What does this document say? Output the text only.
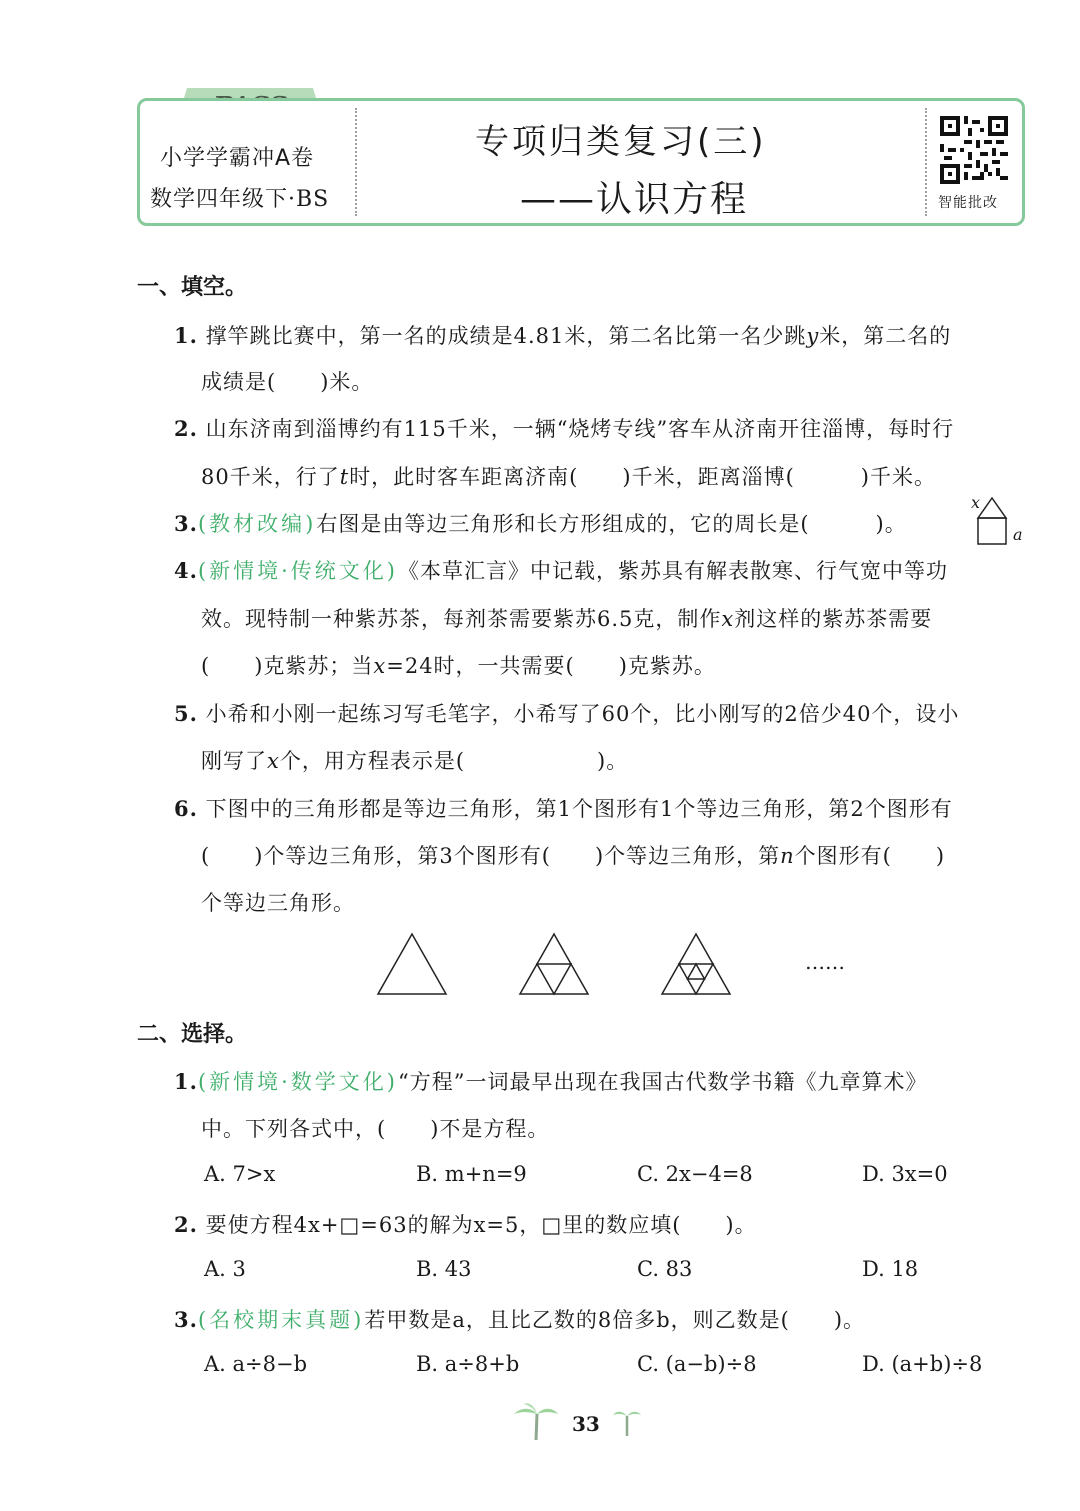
小学学霸冲A卷
数学四年级下·BS
专项归类复习(三)
——认识方程	智能批改
一、填空。
1. 撑竿跳比赛中，第一名的成绩是4.81米，第二名比第一名少跳y米，第二名的
成绩是(　　)米。
2. 山东济南到淄博约有115千米，一辆“烧烤专线”客车从济南开往淄博，每时行
80千米，行了t时，此时客车距离济南(　　)千米，距离淄博(　　　)千米。
3.(教材改编)右图是由等边三角形和长方形组成的，它的周长是(　　　)。
x
a
4.(新情境·传统文化)《本草汇言》中记载，紫苏具有解表散寒、行气宽中等功
效。现特制一种紫苏茶，每剂茶需要紫苏6.5克，制作x剂这样的紫苏茶需要
(　　)克紫苏；当x=24时，一共需要(　　)克紫苏。
5. 小希和小刚一起练习写毛笔字，小希写了60个，比小刚写的2倍少40个，设小
刚写了x个，用方程表示是(　　　　　　)。
6. 下图中的三角形都是等边三角形，第1个图形有1个等边三角形，第2个图形有
(　　)个等边三角形，第3个图形有(　　)个等边三角形，第n个图形有(　　)
个等边三角形。
……
二、选择。
1.(新情境·数学文化)“方程”一词最早出现在我国古代数学书籍《九章算术》
中。下列各式中，(　　)不是方程。
A. 7>x	B. m+n=9	C. 2x−4=8	D. 3x=0
2. 要使方程4x+□=63的解为x=5，□里的数应填(　　)。
A. 3	B. 43	C. 83	D. 18
3.(名校期末真题)若甲数是a，且比乙数的8倍多b，则乙数是(　　)。
A. a÷8−b	B. a÷8+b	C. (a−b)÷8	D. (a+b)÷8
33
